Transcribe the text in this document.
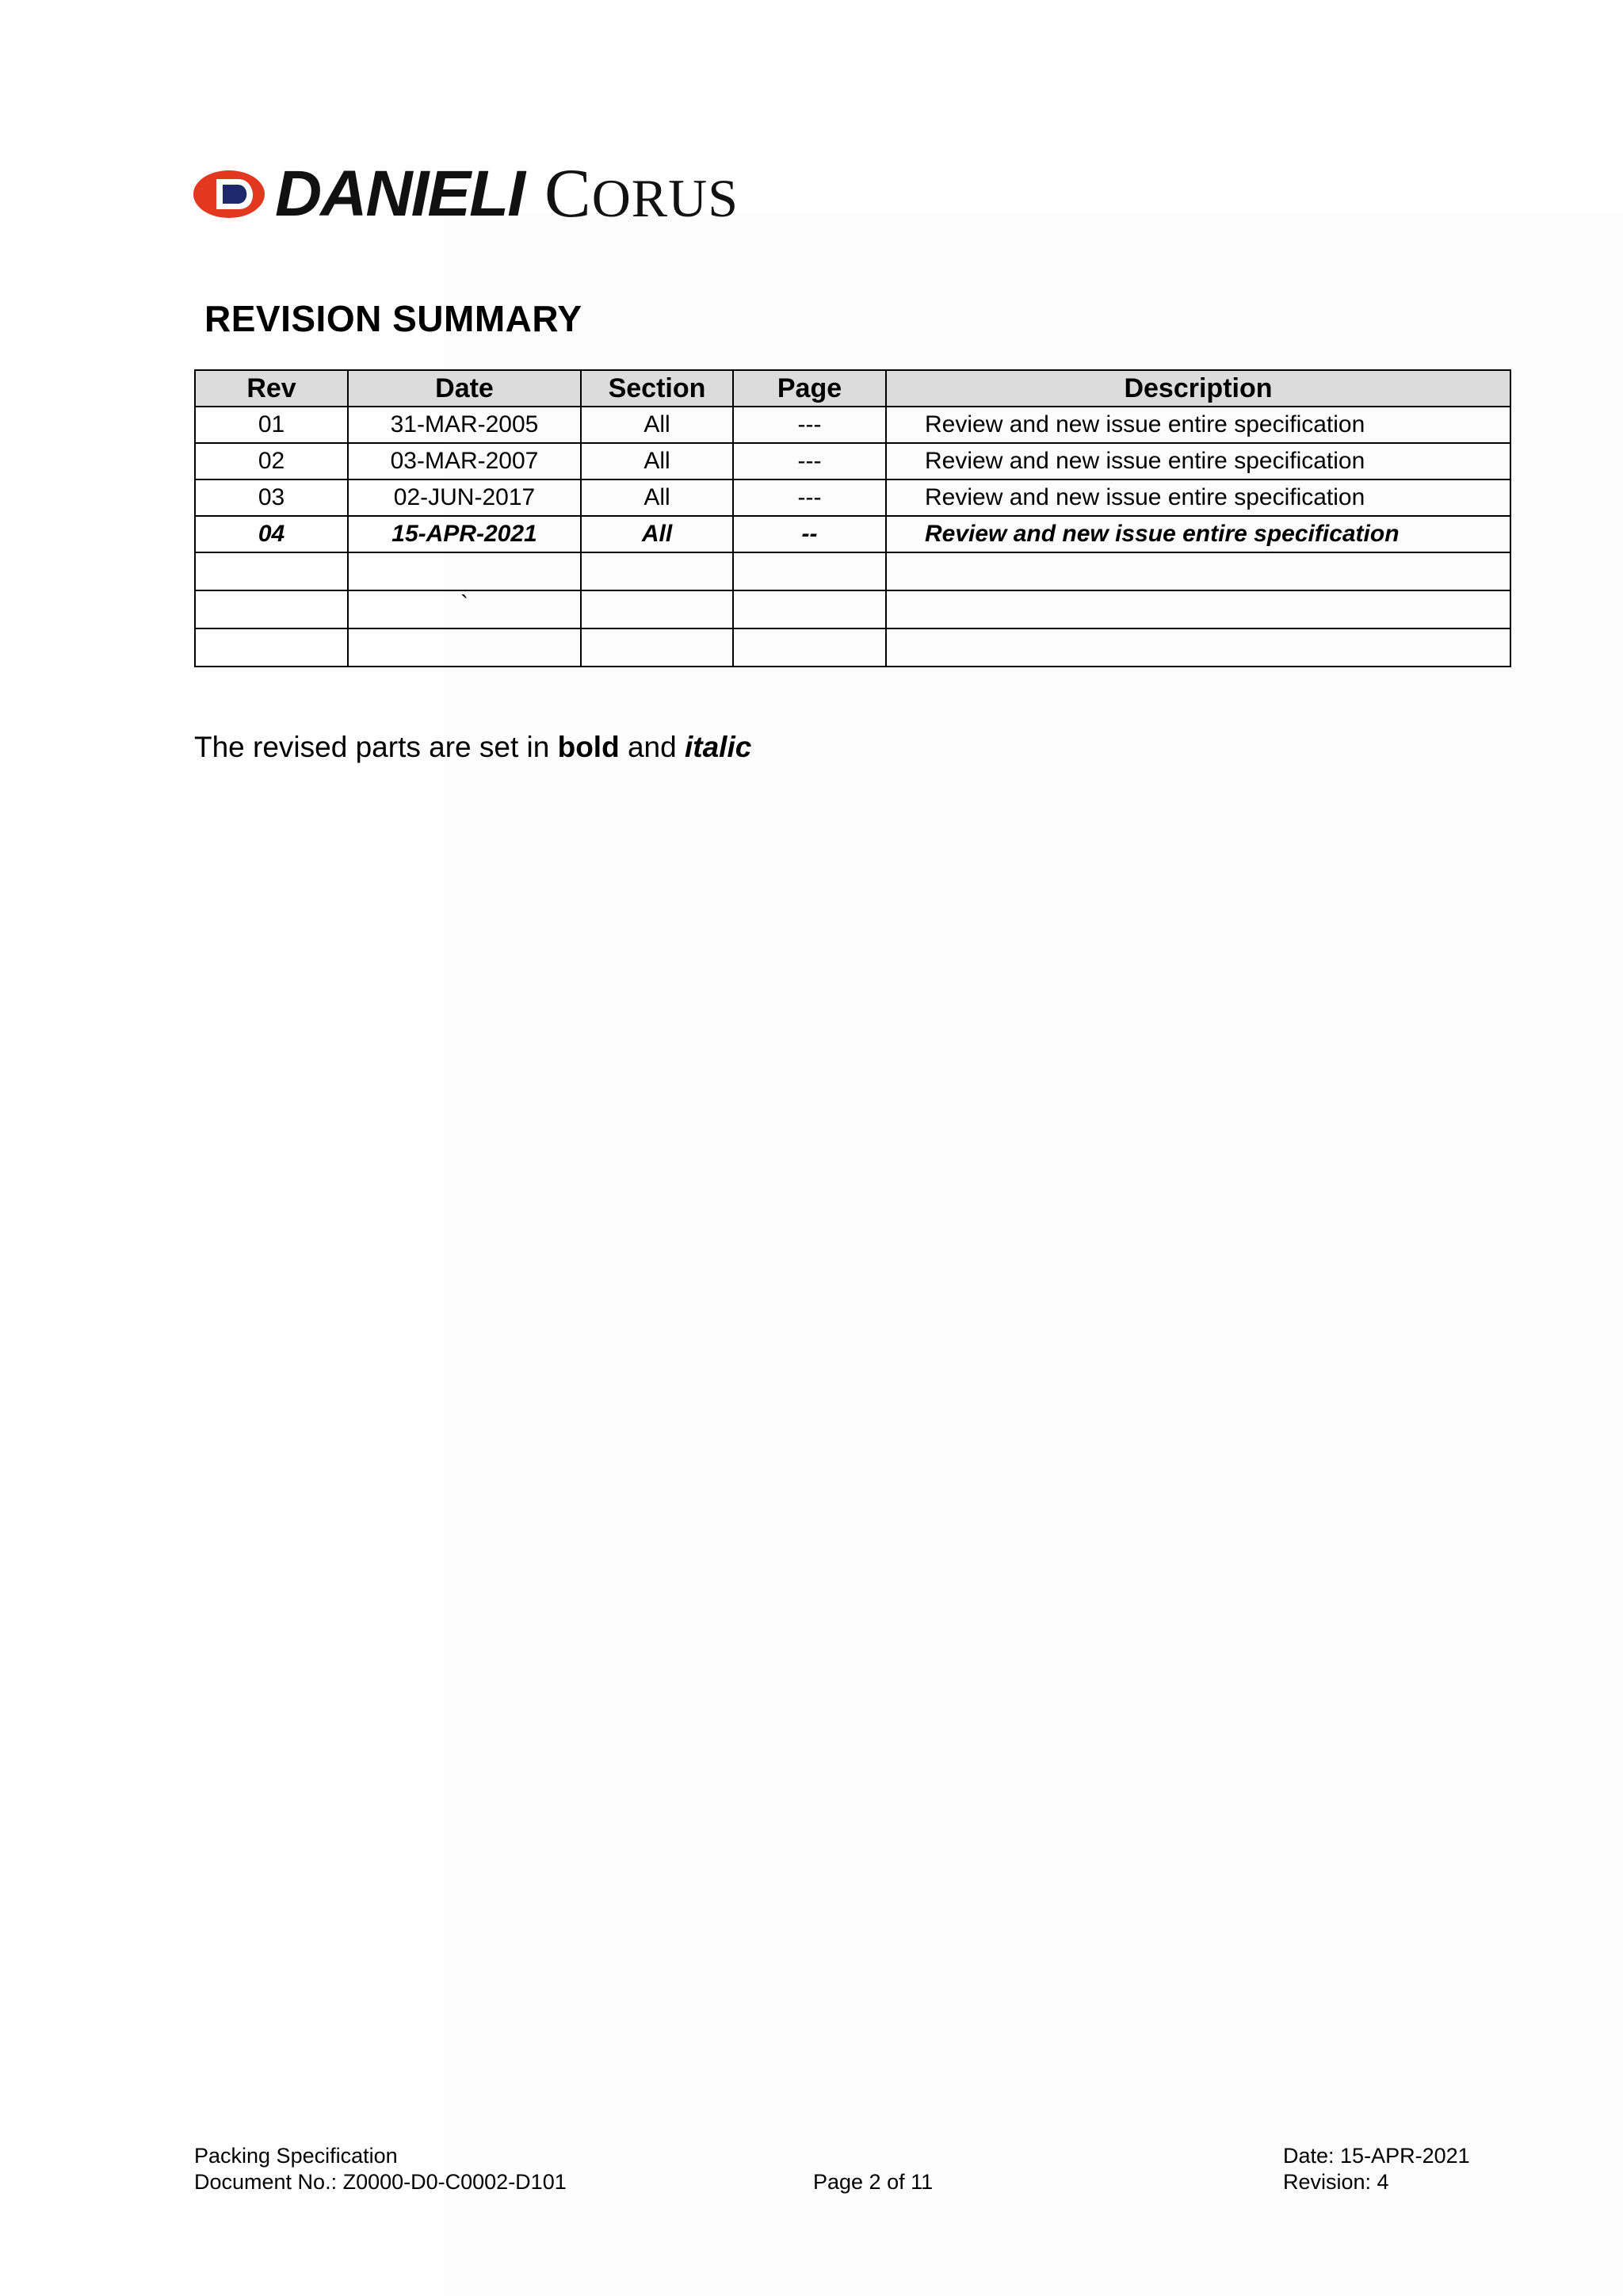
DANIELI CORUS
REVISION SUMMARY
Rev	Date	Section	Page	Description
01	31-MAR-2005	All	---	Review and new issue entire specification
02	03-MAR-2007	All	---	Review and new issue entire specification
03	02-JUN-2017	All	---	Review and new issue entire specification
04	15-APR-2021	All	--	Review and new issue entire specification

	`			

The revised parts are set in bold and italic
Packing Specification
Document No.: Z0000-D0-C0002-D101	Page 2 of 11
Date: 15-APR-2021
Revision: 4
